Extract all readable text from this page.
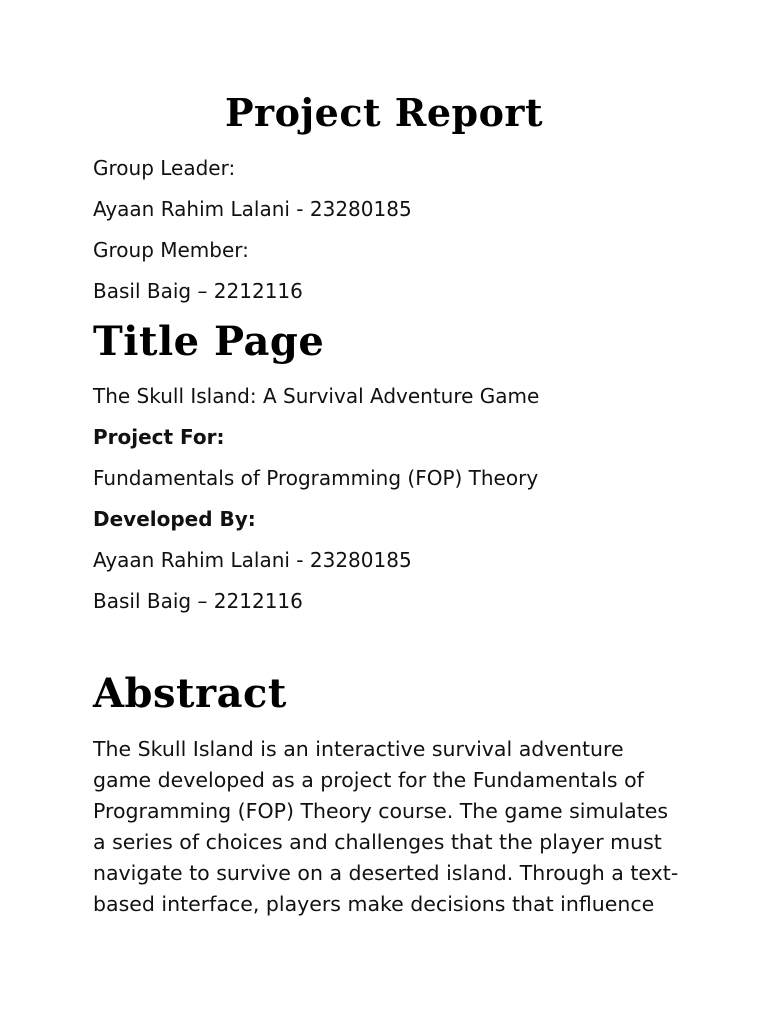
Project Report

Group Leader:

Ayaan Rahim Lalani - 23280185

Group Member:

Basil Baig – 2212116

Title Page

The Skull Island: A Survival Adventure Game

Project For:

Fundamentals of Programming (FOP) Theory

Developed By:

Ayaan Rahim Lalani - 23280185

Basil Baig – 2212116

Abstract

The Skull Island is an interactive survival adventure game developed as a project for the Fundamentals of Programming (FOP) Theory course. The game simulates a series of choices and challenges that the player must navigate to survive on a deserted island. Through a text-based interface, players make decisions that influence
